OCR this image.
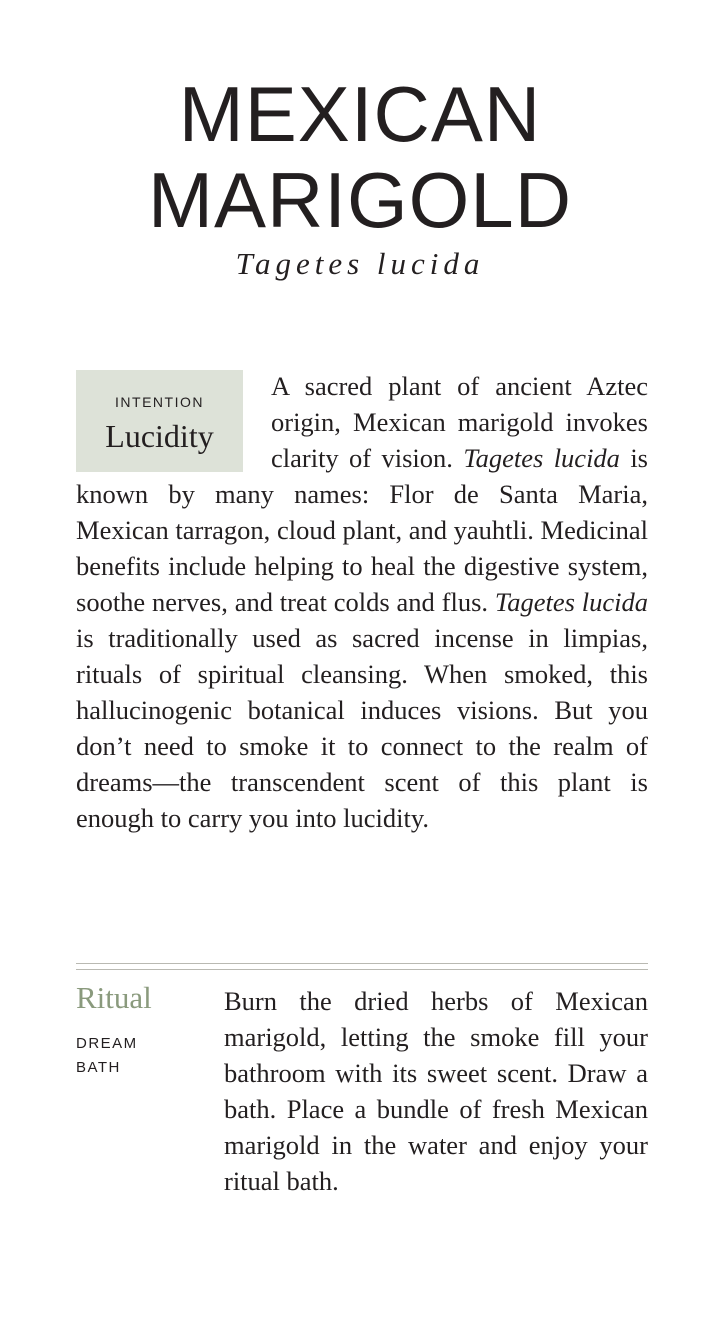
MEXICAN
MARIGOLD
Tagetes lucida
INTENTION
Lucidity

A sacred plant of ancient Aztec origin, Mexican marigold invokes clarity of vision. Tagetes lucida is known by many names: Flor de Santa Maria, Mexican tarragon, cloud plant, and yauhtli. Medicinal benefits include helping to heal the digestive system, soothe nerves, and treat colds and flus. Tagetes lucida is traditionally used as sacred incense in limpias, rituals of spiritual cleansing. When smoked, this hallucinogenic botanical induces visions. But you don’t need to smoke it to connect to the realm of dreams—the transcendent scent of this plant is enough to carry you into lucidity.

Ritual
DREAM
BATH

Burn the dried herbs of Mexican marigold, letting the smoke fill your bathroom with its sweet scent. Draw a bath. Place a bundle of fresh Mexican marigold in the water and enjoy your ritual bath.
